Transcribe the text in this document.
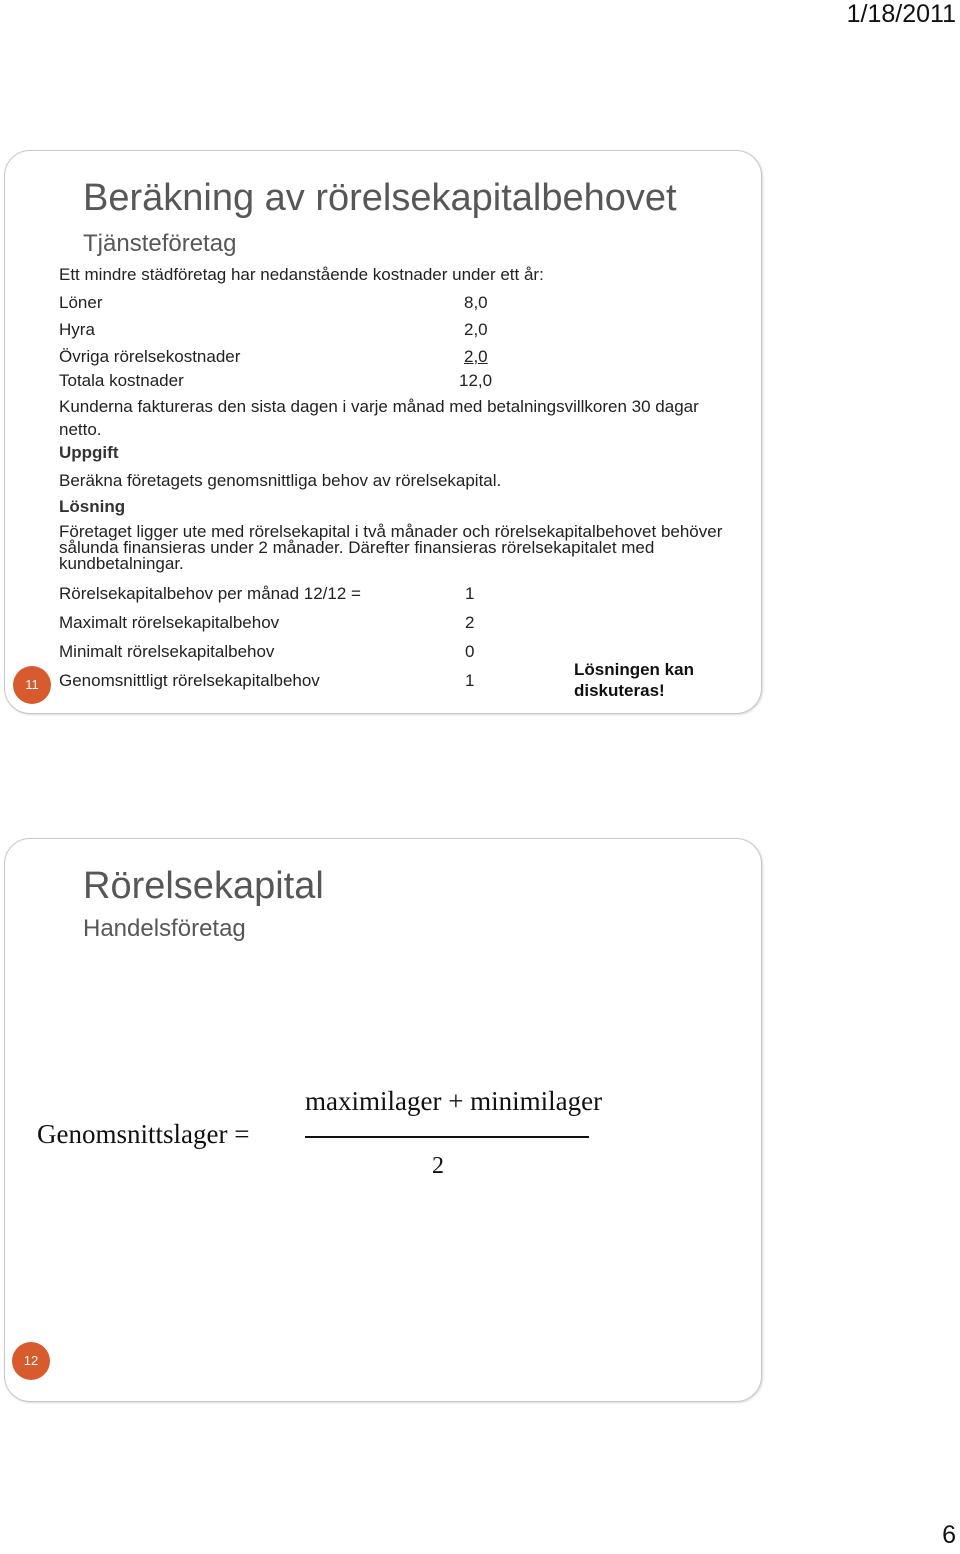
1/18/2011
Beräkning av rörelsekapitalbehovet
Tjänsteföretag
Ett mindre städföretag har nedanstående kostnader under ett år:
Löner	8,0
Hyra	2,0
Övriga rörelsekostnader	2,0
Totala kostnader	12,0
Kunderna faktureras den sista dagen i varje månad med betalningsvillkoren 30 dagar netto.
Uppgift
Beräkna företagets genomsnittliga behov av rörelsekapital.
Lösning
Företaget ligger ute med rörelsekapital i två månader och rörelsekapitalbehovet behöver sålunda finansieras under 2 månader. Därefter finansieras rörelsekapitalet med kundbetalningar.
Rörelsekapitalbehov per månad 12/12 =	1
Maximalt rörelsekapitalbehov	2
Minimalt rörelsekapitalbehov	0
Genomsnittligt rörelsekapitalbehov	1
Lösningen kan
diskuteras!
11
Rörelsekapital
Handelsföretag
Genomsnittslager =
maximilager + minimilager
2
12
6
